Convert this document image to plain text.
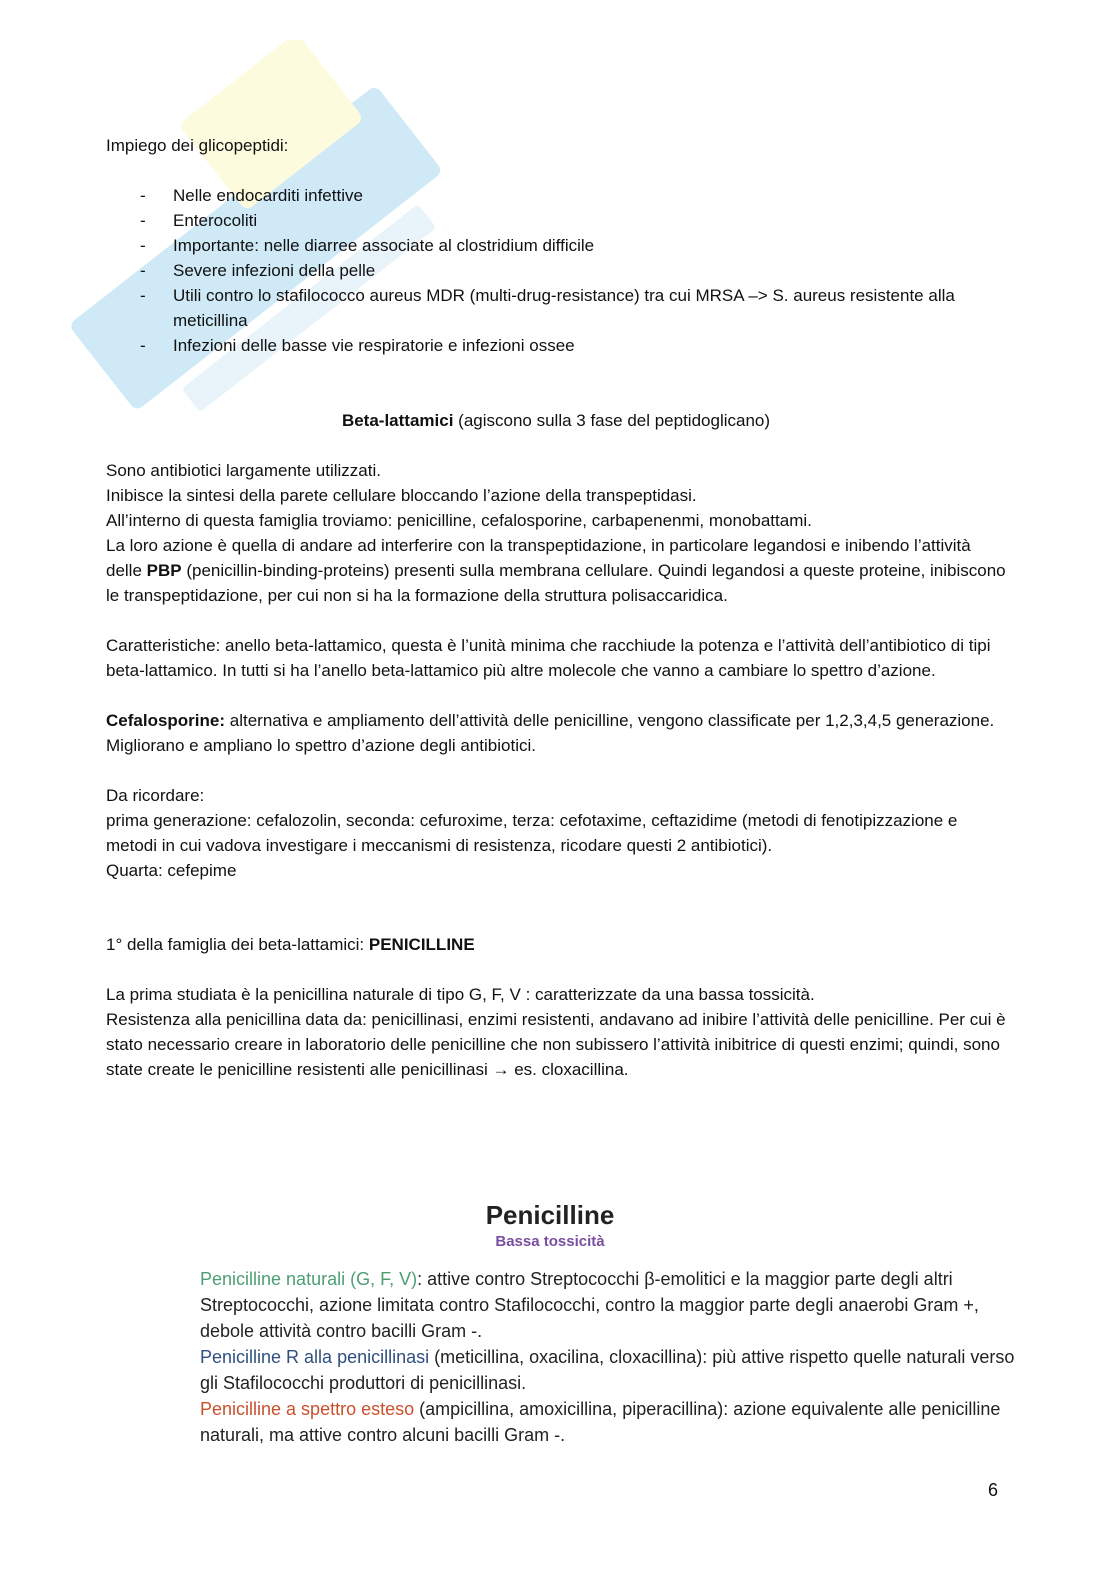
Impiego dei glicopeptidi:

- Nelle endocarditi infettive
- Enterocoliti
- Importante: nelle diarree associate al clostridium difficile
- Severe infezioni della pelle
- Utili contro lo stafilococco aureus MDR (multi-drug-resistance) tra cui MRSA –> S. aureus resistente alla meticillina
- Infezioni delle basse vie respiratorie e infezioni ossee

Beta-lattamici (agiscono sulla 3 fase del peptidoglicano)

Sono antibiotici largamente utilizzati.

Inibisce la sintesi della parete cellulare bloccando l’azione della transpeptidasi.

All’interno di questa famiglia troviamo: penicilline, cefalosporine, carbapenenmi, monobattami.

La loro azione è quella di andare ad interferire con la transpeptidazione, in particolare legandosi e inibendo l’attività delle PBP (penicillin-binding-proteins) presenti sulla membrana cellulare. Quindi legandosi a queste proteine, inibiscono le transpeptidazione, per cui non si ha la formazione della struttura polisaccaridica.

Caratteristiche: anello beta-lattamico, questa è l’unità minima che racchiude la potenza e l’attività dell’antibiotico di tipi beta-lattamico. In tutti si ha l’anello beta-lattamico più altre molecole che vanno a cambiare lo spettro d’azione.

Cefalosporine: alternativa e ampliamento dell’attività delle penicilline, vengono classificate per 1,2,3,4,5 generazione. Migliorano e ampliano lo spettro d’azione degli antibiotici.

Da ricordare:

prima generazione: cefalozolin, seconda: cefuroxime, terza: cefotaxime, ceftazidime (metodi di fenotipizzazione e metodi in cui vadova investigare i meccanismi di resistenza, ricodare questi 2 antibiotici).

Quarta: cefepime

1° della famiglia dei beta-lattamici: PENICILLINE

La prima studiata è la penicillina naturale di tipo G, F, V : caratterizzate da una bassa tossicità.

Resistenza alla penicillina data da: penicillinasi, enzimi resistenti, andavano ad inibire l’attività delle penicilline. Per cui è stato necessario creare in laboratorio delle penicilline che non subissero l’attività inibitrice di questi enzimi; quindi, sono state create le penicilline resistenti alle penicillinasi → es. cloxacillina.

Penicilline

Bassa tossicità

Penicilline naturali (G, F, V): attive contro Streptococchi β-emolitici e la maggior parte degli altri Streptococchi, azione limitata contro Stafilococchi, contro la maggior parte degli anaerobi Gram +, debole attività contro bacilli Gram -.

Penicilline R alla penicillinasi (meticillina, oxacilina, cloxacillina): più attive rispetto quelle naturali verso gli Stafilococchi produttori di penicillinasi.

Penicilline a spettro esteso (ampicillina, amoxicillina, piperacillina): azione equivalente alle penicilline naturali, ma attive contro alcuni bacilli Gram -.

6
